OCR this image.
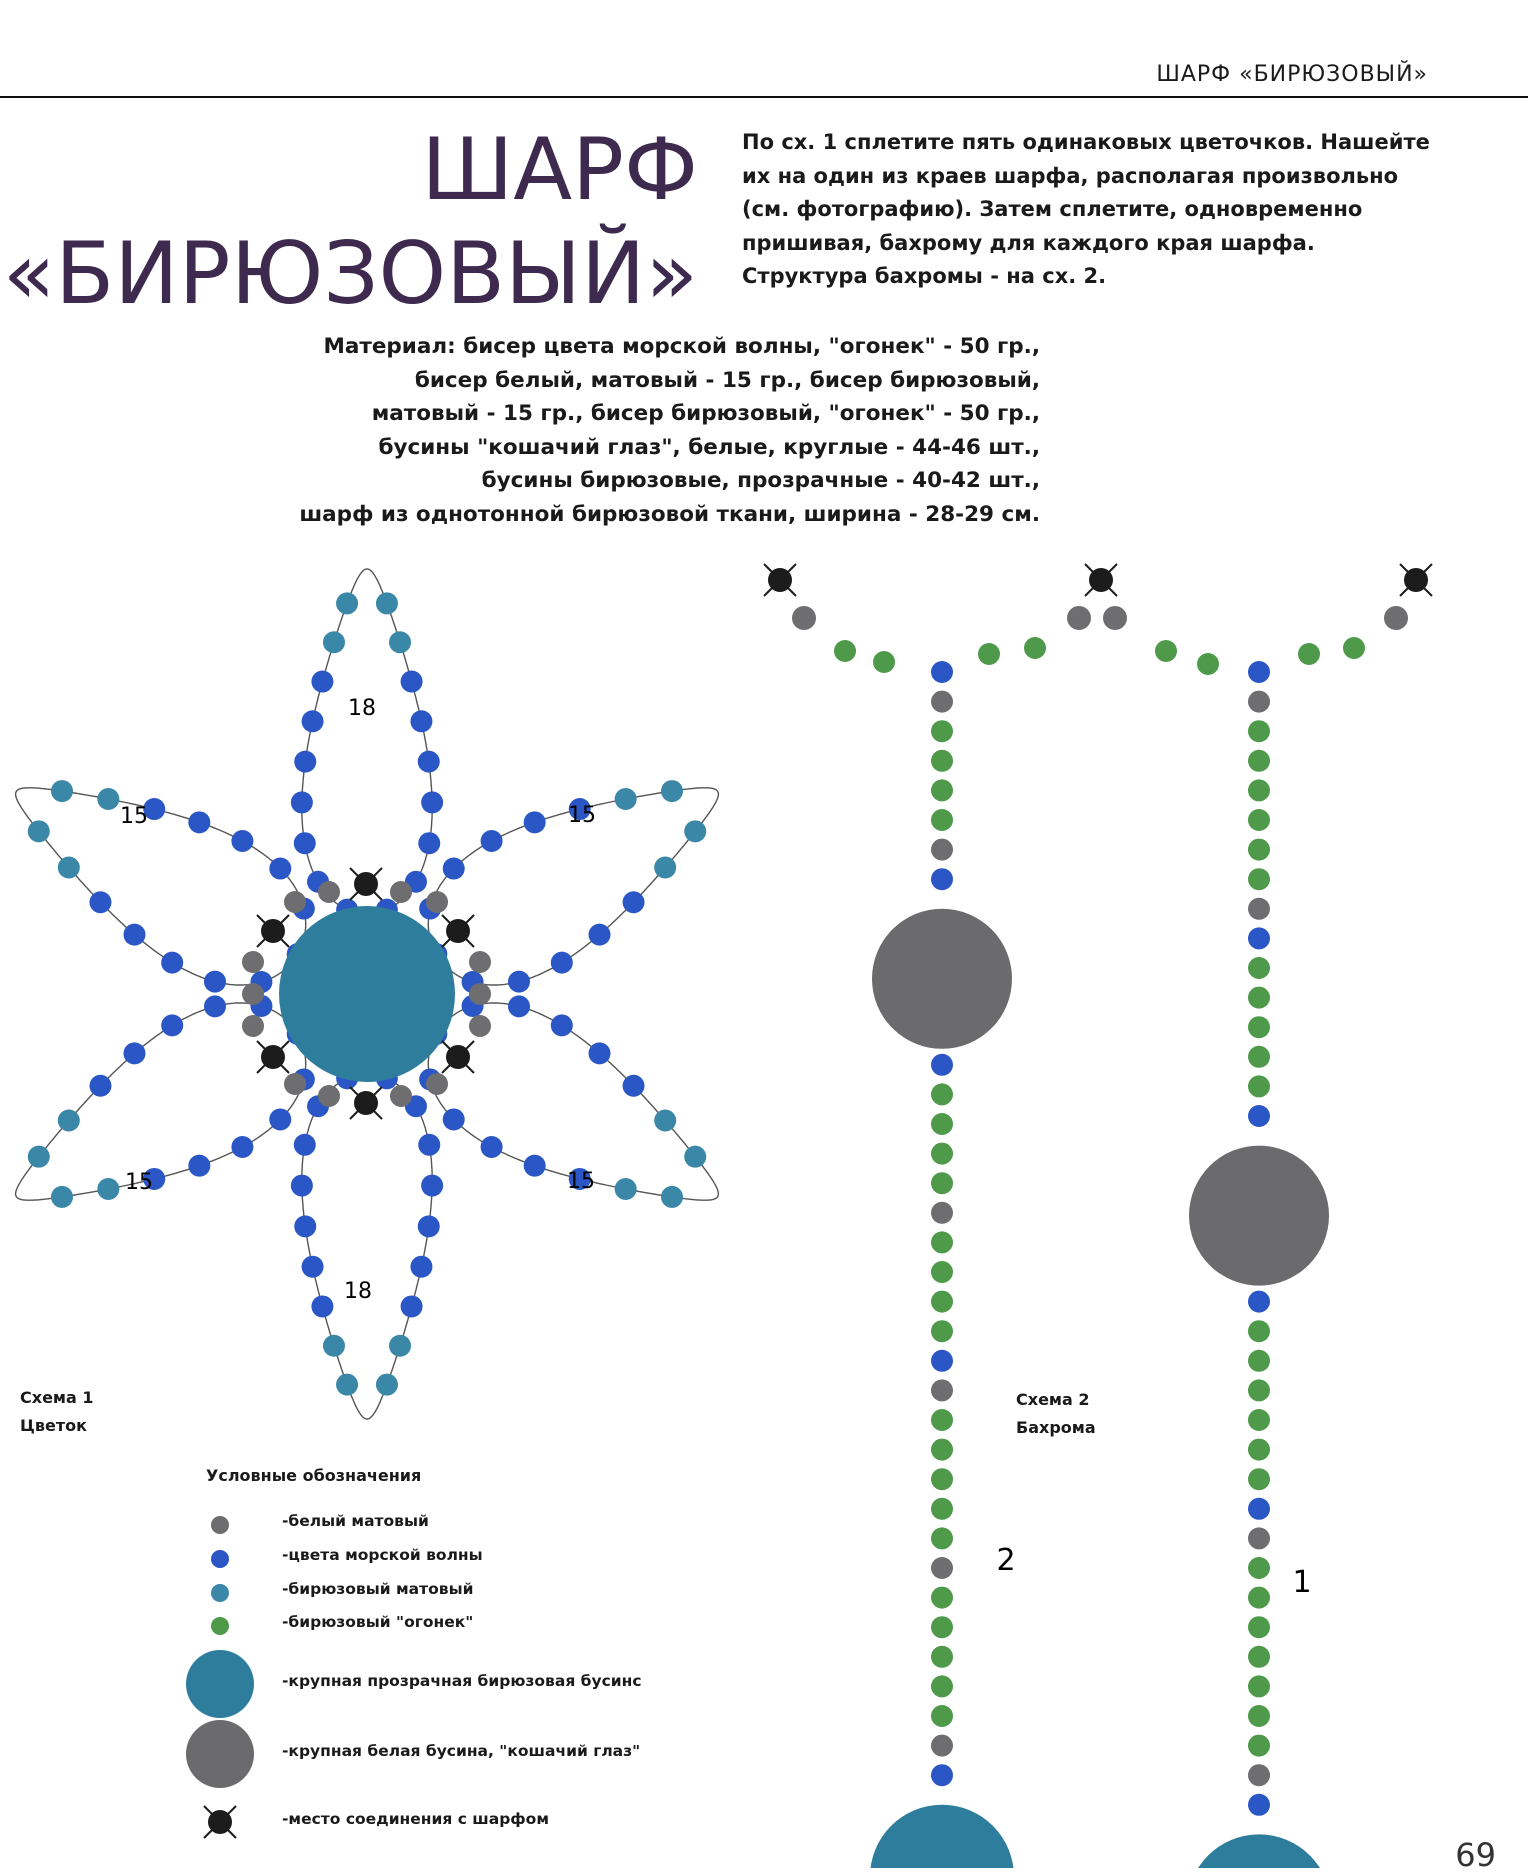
ШАРФ «БИРЮЗОВЫЙ»
ШАРФ
«БИРЮЗОВЫЙ»
По сх. 1 сплетите пять одинаковых цветочков. Нашейте
их на один из краев шарфа, располагая произвольно
(см. фотографию). Затем сплетите, одновременно
пришивая, бахрому для каждого края шарфа.
Структура бахромы - на сх. 2.
Материал: бисер цвета морской волны, "огонек" - 50 гр.,
бисер белый, матовый - 15 гр., бисер бирюзовый,
матовый - 15 гр., бисер бирюзовый, "огонек" - 50 гр.,
бусины "кошачий глаз", белые, круглые - 44-46 шт.,
бусины бирюзовые, прозрачные - 40-42 шт.,
шарф из однотонной бирюзовой ткани, ширина - 28-29 см.
18
15	15
15	15
18
2
1
Схема 1
Цветок
Схема 2
Бахрома
Условные обозначения
-белый матовый
-цвета морской волны
-бирюзовый матовый
-бирюзовый "огонек"
-крупная прозрачная бирюзовая бусинс
-крупная белая бусина, "кошачий глаз"
-место соединения с шарфом
69
